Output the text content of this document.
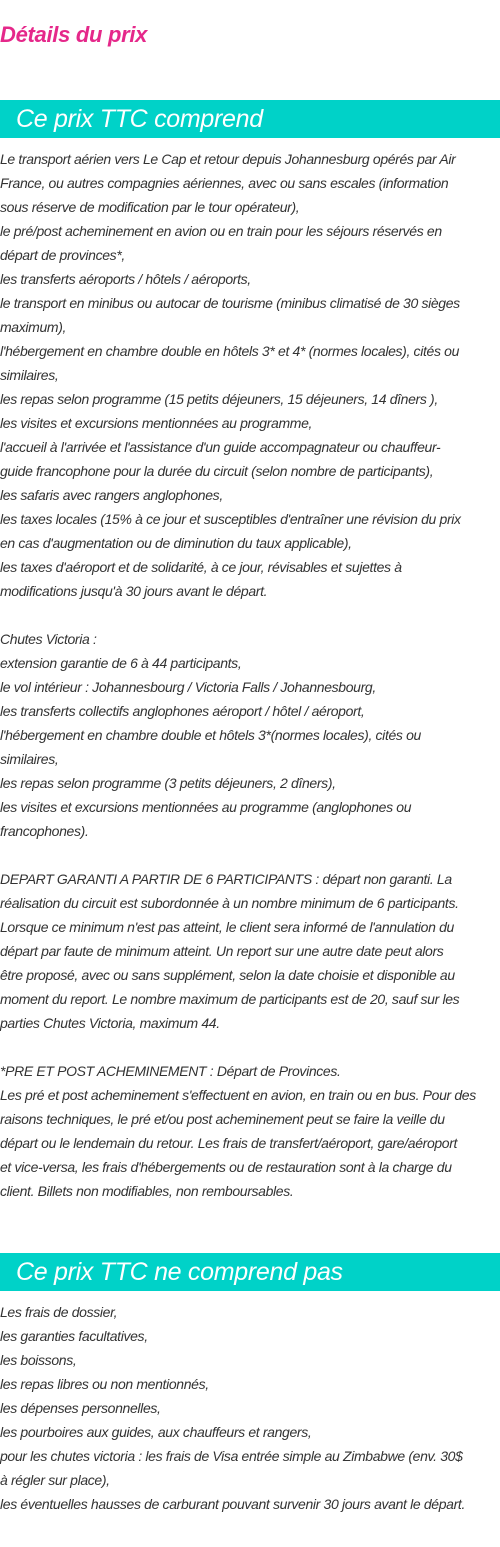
Détails du prix
Ce prix TTC comprend
Le transport aérien vers Le Cap et retour depuis Johannesburg opérés par Air
France, ou autres compagnies aériennes, avec ou sans escales (information
sous réserve de modification par le tour opérateur),
le pré/post acheminement en avion ou en train pour les séjours réservés en
départ de provinces*,
les transferts aéroports / hôtels / aéroports,
le transport en minibus ou autocar de tourisme (minibus climatisé de 30 sièges
maximum),
l'hébergement en chambre double en hôtels 3* et 4* (normes locales), cités ou
similaires,
les repas selon programme (15 petits déjeuners, 15 déjeuners, 14 dîners ),
les visites et excursions mentionnées au programme,
l'accueil à l'arrivée et l'assistance d'un guide accompagnateur ou chauffeur-
guide francophone pour la durée du circuit (selon nombre de participants),
les safaris avec rangers anglophones,
les taxes locales (15% à ce jour et susceptibles d'entraîner une révision du prix
en cas d'augmentation ou de diminution du taux applicable),
les taxes d'aéroport et de solidarité, à ce jour, révisables et sujettes à
modifications jusqu'à 30 jours avant le départ.
Chutes Victoria :
extension garantie de 6 à 44 participants,
le vol intérieur : Johannesbourg / Victoria Falls / Johannesbourg,
les transferts collectifs anglophones aéroport / hôtel / aéroport,
l'hébergement en chambre double et hôtels 3*(normes locales), cités ou
similaires,
les repas selon programme (3 petits déjeuners, 2 dîners),
les visites et excursions mentionnées au programme (anglophones ou
francophones).
DEPART GARANTI A PARTIR DE 6 PARTICIPANTS : départ non garanti. La
réalisation du circuit est subordonnée à un nombre minimum de 6 participants.
Lorsque ce minimum n'est pas atteint, le client sera informé de l'annulation du
départ par faute de minimum atteint. Un report sur une autre date peut alors
être proposé, avec ou sans supplément, selon la date choisie et disponible au
moment du report. Le nombre maximum de participants est de 20, sauf sur les
parties Chutes Victoria, maximum 44.
*PRE ET POST ACHEMINEMENT : Départ de Provinces.
Les pré et post acheminement s'effectuent en avion, en train ou en bus. Pour des
raisons techniques, le pré et/ou post acheminement peut se faire la veille du
départ ou le lendemain du retour. Les frais de transfert/aéroport, gare/aéroport
et vice-versa, les frais d'hébergements ou de restauration sont à la charge du
client. Billets non modifiables, non remboursables.
Ce prix TTC ne comprend pas
Les frais de dossier,
les garanties facultatives,
les boissons,
les repas libres ou non mentionnés,
les dépenses personnelles,
les pourboires aux guides, aux chauffeurs et rangers,
pour les chutes victoria : les frais de Visa entrée simple au Zimbabwe (env. 30$
à régler sur place),
les éventuelles hausses de carburant pouvant survenir 30 jours avant le départ.
